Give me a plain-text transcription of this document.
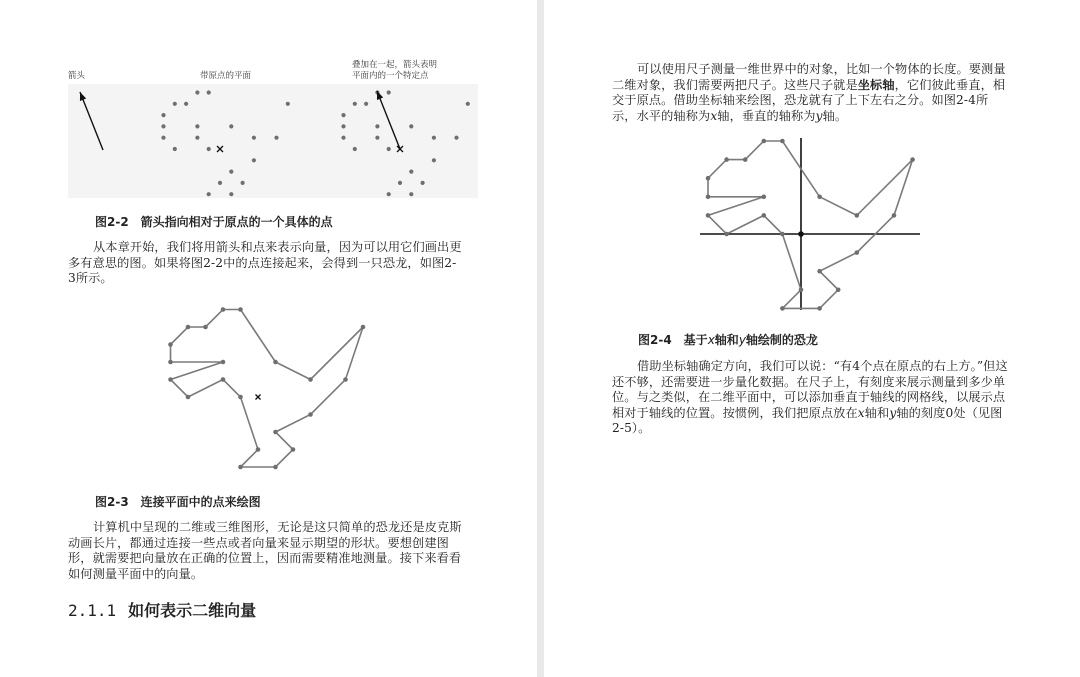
箭头	带原点的平面
叠加在一起，箭头表明
平面内的一个特定点
图2-2　箭头指向相对于原点的一个具体的点

从本章开始，我们将用箭头和点来表示向量，因为可以用它们画出更多有意思的图。如果将图2-2中的点连接起来，会得到一只恐龙，如图2-3所示。

图2-3　连接平面中的点来绘图

计算机中呈现的二维或三维图形，无论是这只简单的恐龙还是皮克斯动画长片，都通过连接一些点或者向量来显示期望的形状。要想创建图形，就需要把向量放在正确的位置上，因而需要精准地测量。接下来看看如何测量平面中的向量。

2.1.1 如何表示二维向量

可以使用尺子测量一维世界中的对象，比如一个物体的长度。要测量二维对象，我们需要两把尺子。这些尺子就是坐标轴，它们彼此垂直，相交于原点。借助坐标轴来绘图，恐龙就有了上下左右之分。如图2-4所示，水平的轴称为x轴，垂直的轴称为y轴。

图2-4　基于x轴和y轴绘制的恐龙

借助坐标轴确定方向，我们可以说：“有4个点在原点的右上方。”但这还不够，还需要进一步量化数据。在尺子上，有刻度来展示测量到多少单位。与之类似，在二维平面中，可以添加垂直于轴线的网格线，以展示点相对于轴线的位置。按惯例，我们把原点放在x轴和y轴的刻度0处（见图2-5）。
